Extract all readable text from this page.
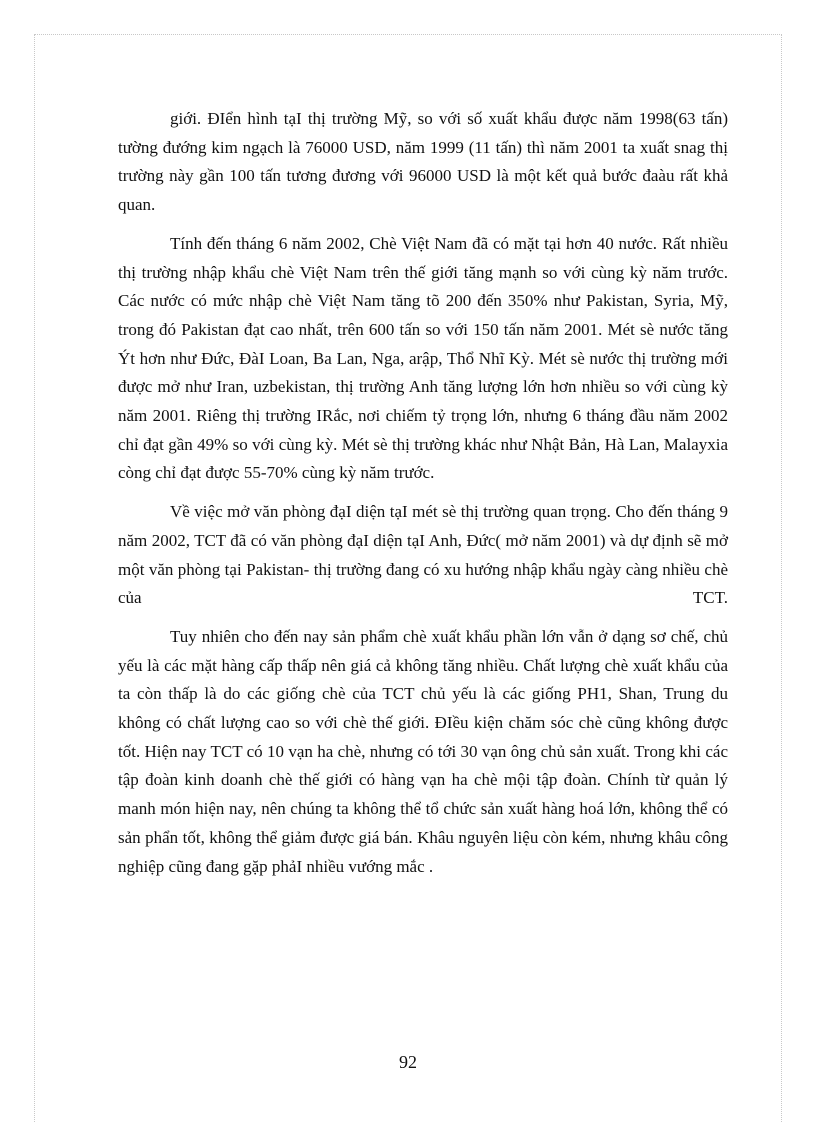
giới. ĐIển hình tạI thị trường Mỹ, so với số xuất khẩu được năm 1998(63 tấn) tường đướng kim ngạch là 76000 USD, năm 1999 (11 tấn) thì năm 2001 ta xuất snag thị trường này gần 100 tấn tương đương với 96000 USD là một kết quả bước đaàu rất khả quan.

Tính đến tháng 6 năm 2002, Chè Việt Nam đã có mặt tại hơn 40 nước. Rất nhiều thị trường nhập khẩu chè Việt Nam trên thế giới tăng mạnh so với cùng kỳ năm trước. Các nước có mức nhập chè Việt Nam tăng tõ 200 đến 350% như Pakistan, Syria, Mỹ, trong đó Pakistan đạt cao nhất, trên 600 tấn so với 150 tấn năm 2001. Mét sè nước tăng Ýt hơn như Đức, ĐàI Loan, Ba Lan, Nga, arập, Thổ Nhĩ Kỳ. Mét sè nước thị trường mới được mở như Iran, uzbekistan, thị trường Anh tăng lượng lớn hơn nhiều so với cùng kỳ năm 2001. Riêng thị trường IRắc, nơi chiếm tỷ trọng lớn, nhưng 6 tháng đầu năm 2002 chỉ đạt gần 49% so với cùng kỳ. Mét sè thị trường khác như Nhật Bản, Hà Lan, Malayxia còng chỉ đạt được 55-70% cùng kỳ năm trước.

Về việc mở văn phòng đạI diện tạI mét sè thị trường quan trọng. Cho đến tháng 9 năm 2002, TCT đã có văn phòng đạI diện tạI Anh, Đức( mở năm 2001) và dự định sẽ mở một văn phòng tại Pakistan- thị trường đang có xu hướng nhập khẩu ngày càng nhiều chè của TCT.

Tuy nhiên cho đến nay sản phẩm chè xuất khẩu phần lớn vẫn ở dạng sơ chế, chủ yếu là các mặt hàng cấp thấp nên giá cả không tăng nhiều. Chất lượng chè xuất khẩu của ta còn thấp là do các giống chè của TCT chủ yếu là các giống PH1, Shan, Trung du không có chất lượng cao so với chè thế giới. ĐIều kiện chăm sóc chè cũng không được tốt. Hiện nay TCT có 10 vạn ha chè, nhưng có tới 30 vạn ông chủ sản xuất. Trong khi các tập đoàn kinh doanh chè thế giới có hàng vạn ha chè mội tập đoàn. Chính từ quản lý manh món hiện nay, nên chúng ta không thể tổ chức sản xuất hàng hoá lớn, không thể có sản phẩn tốt, không thể giảm được giá bán. Khâu nguyên liệu còn kém, nhưng khâu công nghiệp cũng đang gặp phảI nhiều vướng mắc .

92
